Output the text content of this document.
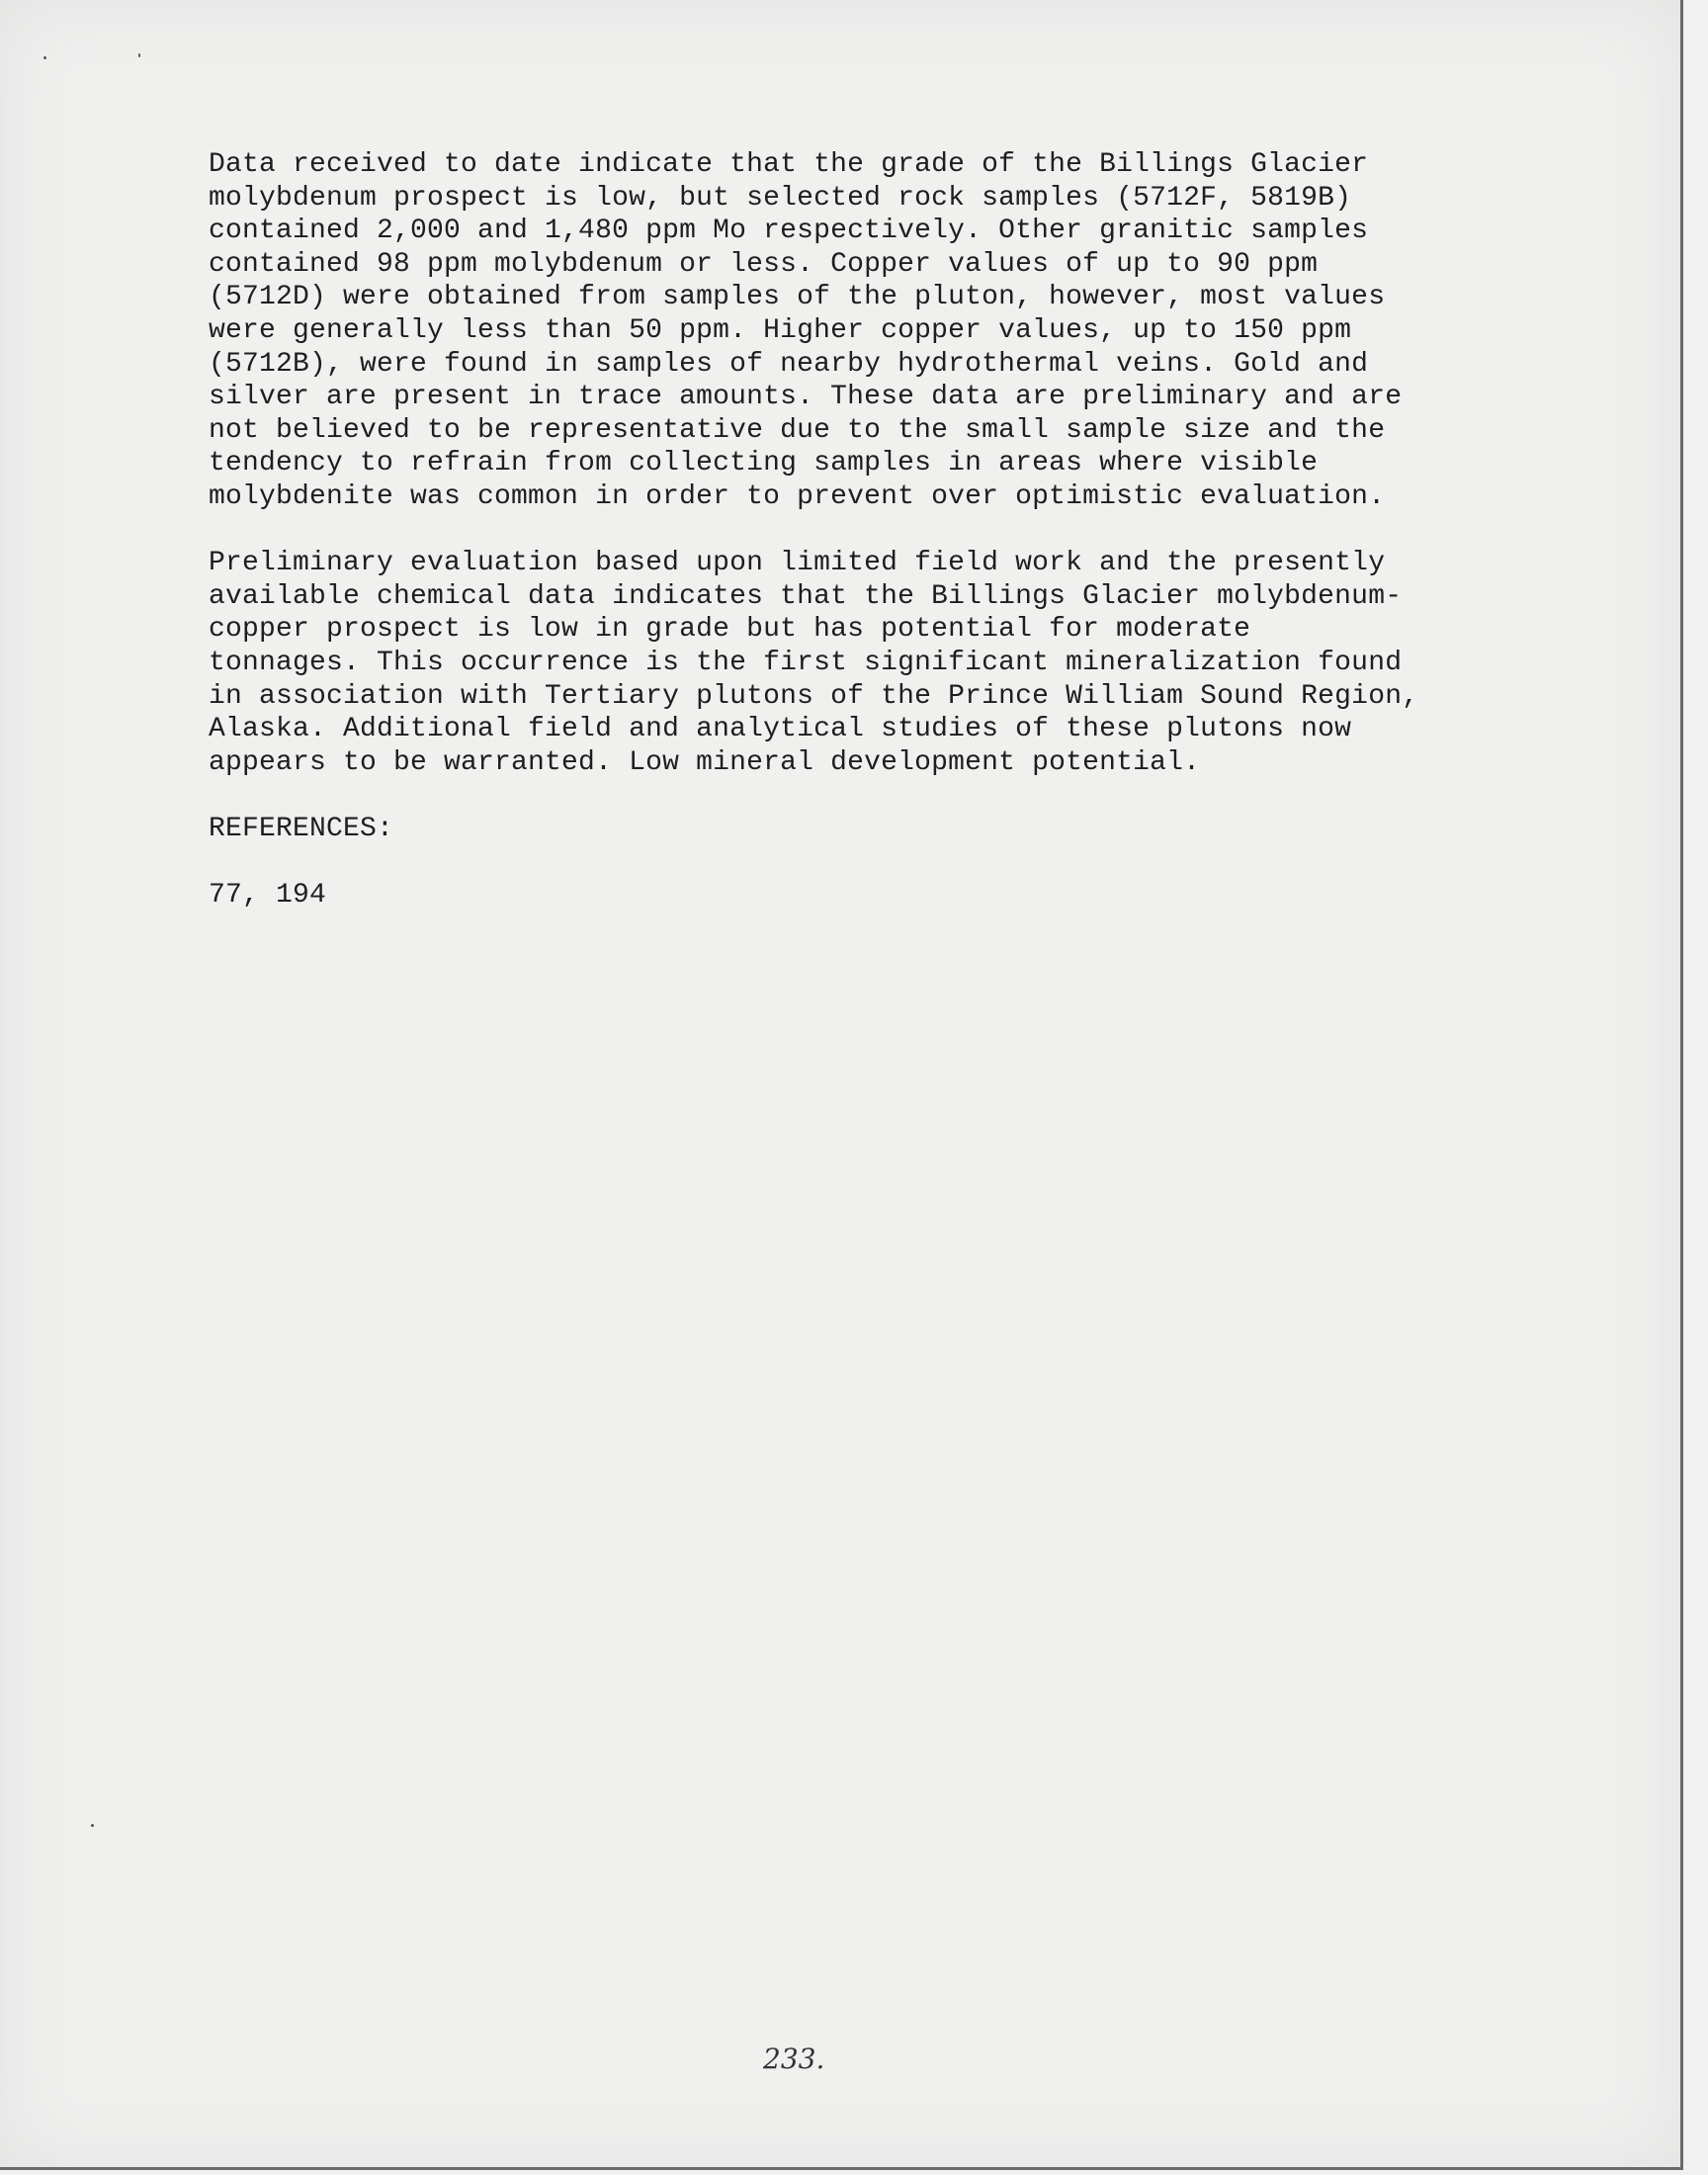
Data received to date indicate that the grade of the Billings Glacier
molybdenum prospect is low, but selected rock samples (5712F, 5819B)
contained 2,000 and 1,480 ppm Mo respectively. Other granitic samples
contained 98 ppm molybdenum or less. Copper values of up to 90 ppm
(5712D) were obtained from samples of the pluton, however, most values
were generally less than 50 ppm. Higher copper values, up to 150 ppm
(5712B), were found in samples of nearby hydrothermal veins. Gold and
silver are present in trace amounts. These data are preliminary and are
not believed to be representative due to the small sample size and the
tendency to refrain from collecting samples in areas where visible
molybdenite was common in order to prevent over optimistic evaluation.

Preliminary evaluation based upon limited field work and the presently
available chemical data indicates that the Billings Glacier molybdenum-
copper prospect is low in grade but has potential for moderate
tonnages. This occurrence is the first significant mineralization found
in association with Tertiary plutons of the Prince William Sound Region,
Alaska. Additional field and analytical studies of these plutons now
appears to be warranted. Low mineral development potential.

REFERENCES:

77, 194

233.
